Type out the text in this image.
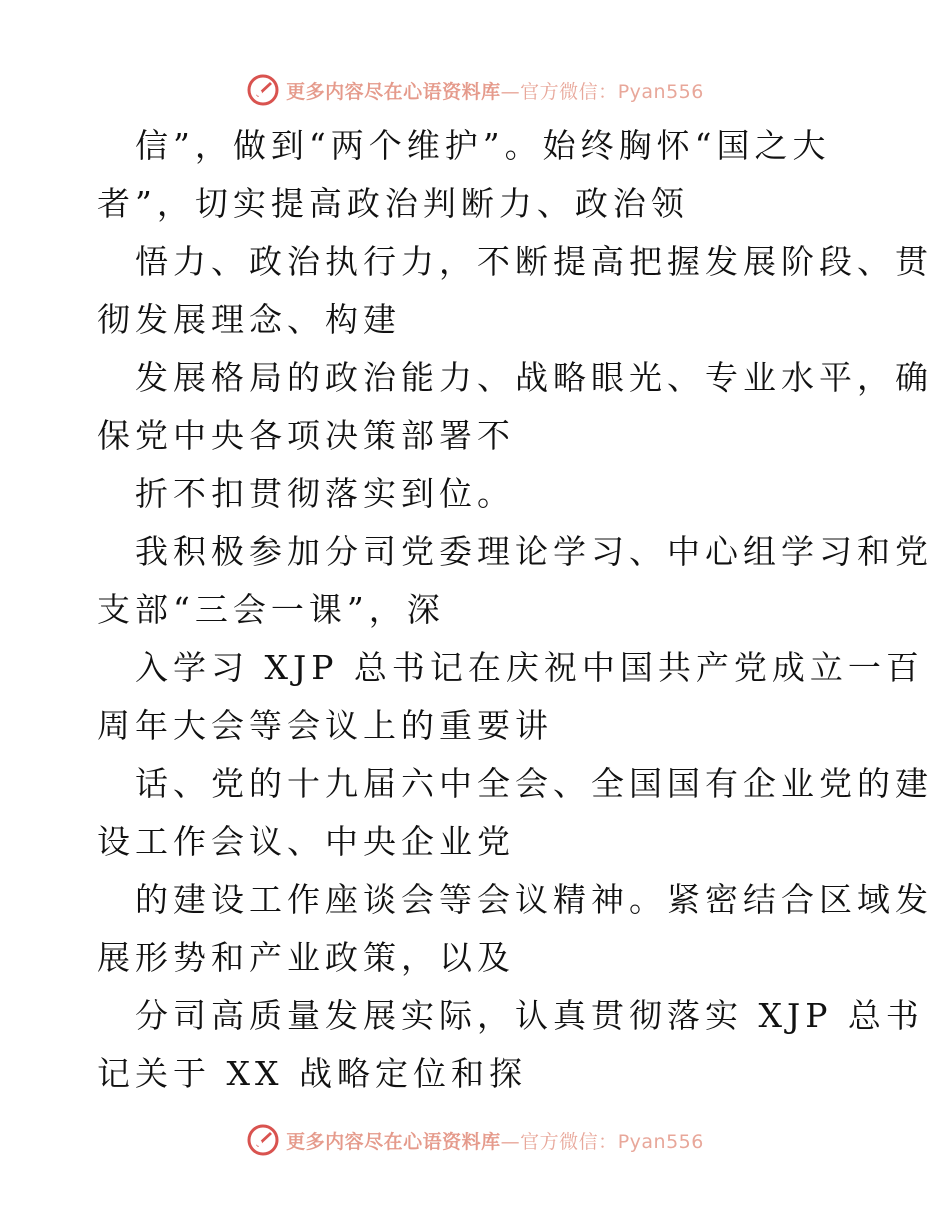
更多内容尽在心语资料库—官方微信：Pyan556
信”，做到“两个维护”。始终胸怀“国之大
者”，切实提高政治判断力、政治领
悟力、政治执行力，不断提高把握发展阶段、贯
彻发展理念、构建
发展格局的政治能力、战略眼光、专业水平，确
保党中央各项决策部署不
折不扣贯彻落实到位。
我积极参加分司党委理论学习、中心组学习和党
支部“三会一课”，深
入学习 XJP 总书记在庆祝中国共产党成立一百
周年大会等会议上的重要讲
话、党的十九届六中全会、全国国有企业党的建
设工作会议、中央企业党
的建设工作座谈会等会议精神。紧密结合区域发
展形势和产业政策，以及
分司高质量发展实际，认真贯彻落实 XJP 总书
记关于 XX 战略定位和探
更多内容尽在心语资料库—官方微信：Pyan556
